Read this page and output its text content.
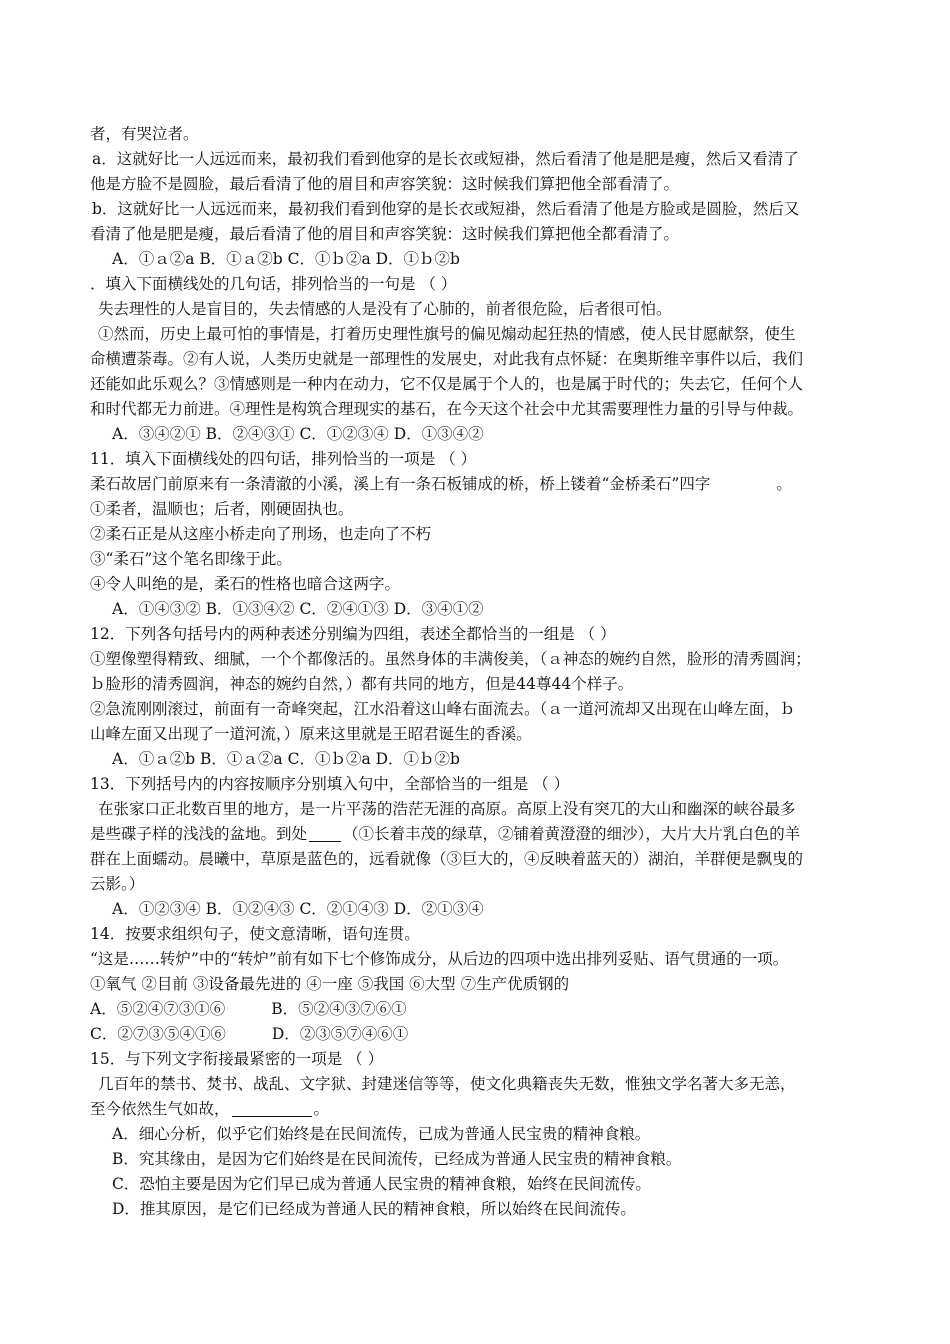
者，有哭泣者。
a．这就好比一人远远而来，最初我们看到他穿的是长衣或短褂，然后看清了他是肥是瘦，然后又看清了
他是方脸不是圆脸，最后看清了他的眉目和声容笑貌：这时候我们算把他全部看清了。
b．这就好比一人远远而来，最初我们看到他穿的是长衣或短褂，然后看清了他是方脸或是圆脸，然后又
看清了他是肥是瘦，最后看清了他的眉目和声容笑貌：这时候我们算把他全都看清了。
A．①ａ②a B．①ａ②b C．①ｂ②a D．①ｂ②b
．填入下面横线处的几句话，排列恰当的一句是 （ ）
失去理性的人是盲目的，失去情感的人是没有了心肺的，前者很危险，后者很可怕。
①然而，历史上最可怕的事情是，打着历史理性旗号的偏见煽动起狂热的情感，使人民甘愿献祭，使生
命横遭荼毒。②有人说，人类历史就是一部理性的发展史，对此我有点怀疑：在奥斯维辛事件以后，我们
还能如此乐观么？③情感则是一种内在动力，它不仅是属于个人的，也是属于时代的；失去它，任何个人
和时代都无力前进。④理性是构筑合理现实的基石，在今天这个社会中尤其需要理性力量的引导与仲裁。
A．③④②① B．②④③① C．①②③④ D．①③④②
11．填入下面横线处的四句话，排列恰当的一项是 （ ）
柔石故居门前原来有一条清澈的小溪，溪上有一条石板铺成的桥，桥上镂着“金桥柔石”四字	。
①柔者，温顺也；后者，刚硬固执也。
②柔石正是从这座小桥走向了刑场，也走向了不朽
③“柔石”这个笔名即缘于此。
④令人叫绝的是，柔石的性格也暗合这两字。
A．①④③② B．①③④② C．②④①③ D．③④①②
12．下列各句括号内的两种表述分别编为四组，表述全都恰当的一组是 （ ）
①塑像塑得精致、细腻，一个个都像活的。虽然身体的丰满俊美，（ａ神态的婉约自然，脸形的清秀圆润；
ｂ脸形的清秀圆润，神态的婉约自然，）都有共同的地方，但是44尊44个样子。
②急流刚刚滚过，前面有一奇峰突起，江水沿着这山峰右面流去。（ａ一道河流却又出现在山峰左面，ｂ
山峰左面又出现了一道河流，）原来这里就是王昭君诞生的香溪。
A．①ａ②b B．①ａ②a C．①ｂ②a D．①ｂ②b
13．下列括号内的内容按顺序分别填入句中，全部恰当的一组是 （ ）
在张家口正北数百里的地方，是一片平荡的浩茫无涯的高原。高原上没有突兀的大山和幽深的峡谷最多
是些碟子样的浅浅的盆地。到处 （①长着丰茂的绿草，②铺着黄澄澄的细沙），大片大片乳白色的羊
群在上面蠕动。晨曦中，草原是蓝色的，远看就像（③巨大的，④反映着蓝天的）湖泊，羊群便是飘曳的
云影。）
A．①②③④ B．①②④③ C．②①④③ D．②①③④
14．按要求组织句子，使文意清晰，语句连贯。
“这是……转炉”中的“转炉”前有如下七个修饰成分，从后边的四项中选出排列妥贴、语气贯通的一项。
①氧气 ②目前 ③设备最先进的 ④一座 ⑤我国 ⑥大型 ⑦生产优质钢的
A．⑤②④⑦③①⑥	B．⑤②④③⑦⑥①
C．②⑦③⑤④①⑥	D．②③⑤⑦④⑥①
15．与下列文字衔接最紧密的一项是 （ ）
几百年的禁书、焚书、战乱、文字狱、封建迷信等等，使文化典籍丧失无数，惟独文学名著大多无恙，
至今依然生气如故，	。
A．细心分析，似乎它们始终是在民间流传，已成为普通人民宝贵的精神食粮。
B．究其缘由，是因为它们始终是在民间流传，已经成为普通人民宝贵的精神食粮。
C．恐怕主要是因为它们早已成为普通人民宝贵的精神食粮，始终在民间流传。
D．推其原因，是它们已经成为普通人民的精神食粮，所以始终在民间流传。
